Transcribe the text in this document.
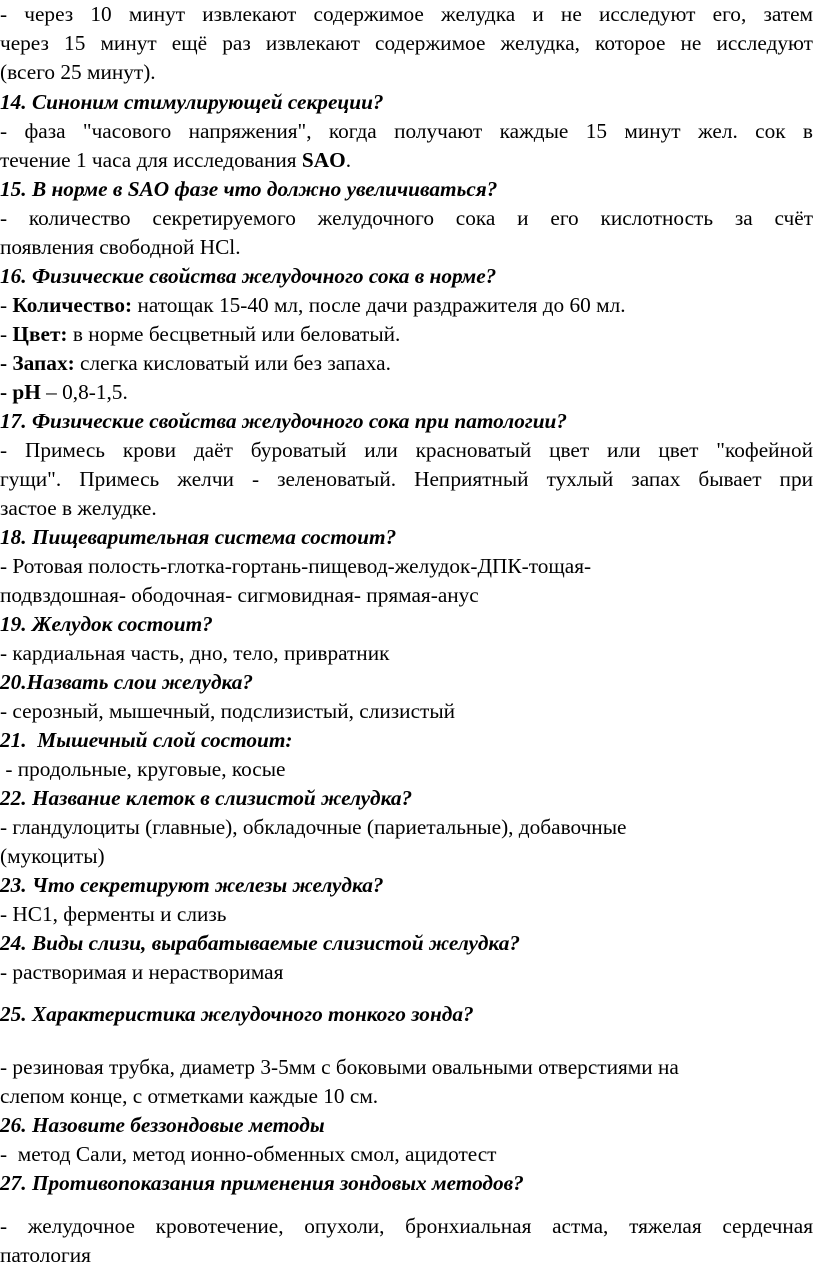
- через 10 минут извлекают содержимое желудка и не исследуют его, затем
через 15 минут ещё раз извлекают содержимое желудка, которое не исследуют
(всего 25 минут).
14. Синоним стимулирующей секреции?
- фаза "часового напряжения", когда получают каждые 15 минут жел. сок в
течение 1 часа для исследования SAO.
15. В норме в SAO фазе что должно увеличиваться?
- количество секретируемого желудочного сока и его кислотность за счёт
появления свободной HCl.
16. Физические свойства желудочного сока в норме?
- Количество: натощак 15-40 мл, после дачи раздражителя до 60 мл.
- Цвет: в норме бесцветный или беловатый.
- Запах: слегка кисловатый или без запаха.
- pH – 0,8-1,5.
17. Физические свойства желудочного сока при патологии?
- Примесь крови даёт буроватый или красноватый цвет или цвет "кофейной
гущи". Примесь желчи - зеленоватый. Неприятный тухлый запах бывает при
застое в желудке.
18. Пищеварительная система состоит?
- Ротовая полость-глотка-гортань-пищевод-желудок-ДПК-тощая-
подвздошная- ободочная- сигмовидная- прямая-анус
19. Желудок состоит?
- кардиальная часть, дно, тело, привратник
20.Назвать слои желудка?
- серозный, мышечный, подслизистый, слизистый
21.  Мышечный слой состоит:
- продольные, круговые, косые
22. Название клеток в слизистой желудка?
- гландулоциты (главные), обкладочные (париетальные), добавочные
(мукоциты)
23. Что секретируют железы желудка?
- HC1, ферменты и слизь
24. Виды слизи, вырабатываемые слизистой желудка?
- растворимая и нерастворимая
25. Характеристика желудочного тонкого зонда?
- резиновая трубка, диаметр 3-5мм с боковыми овальными отверстиями на
слепом конце, с отметками каждые 10 см.
26. Назовите беззондовые методы
-  метод Сали, метод ионно-обменных смол, ацидотест
27. Противопоказания применения зондовых методов?
- желудочное кровотечение, опухоли, бронхиальная астма, тяжелая сердечная
патология
